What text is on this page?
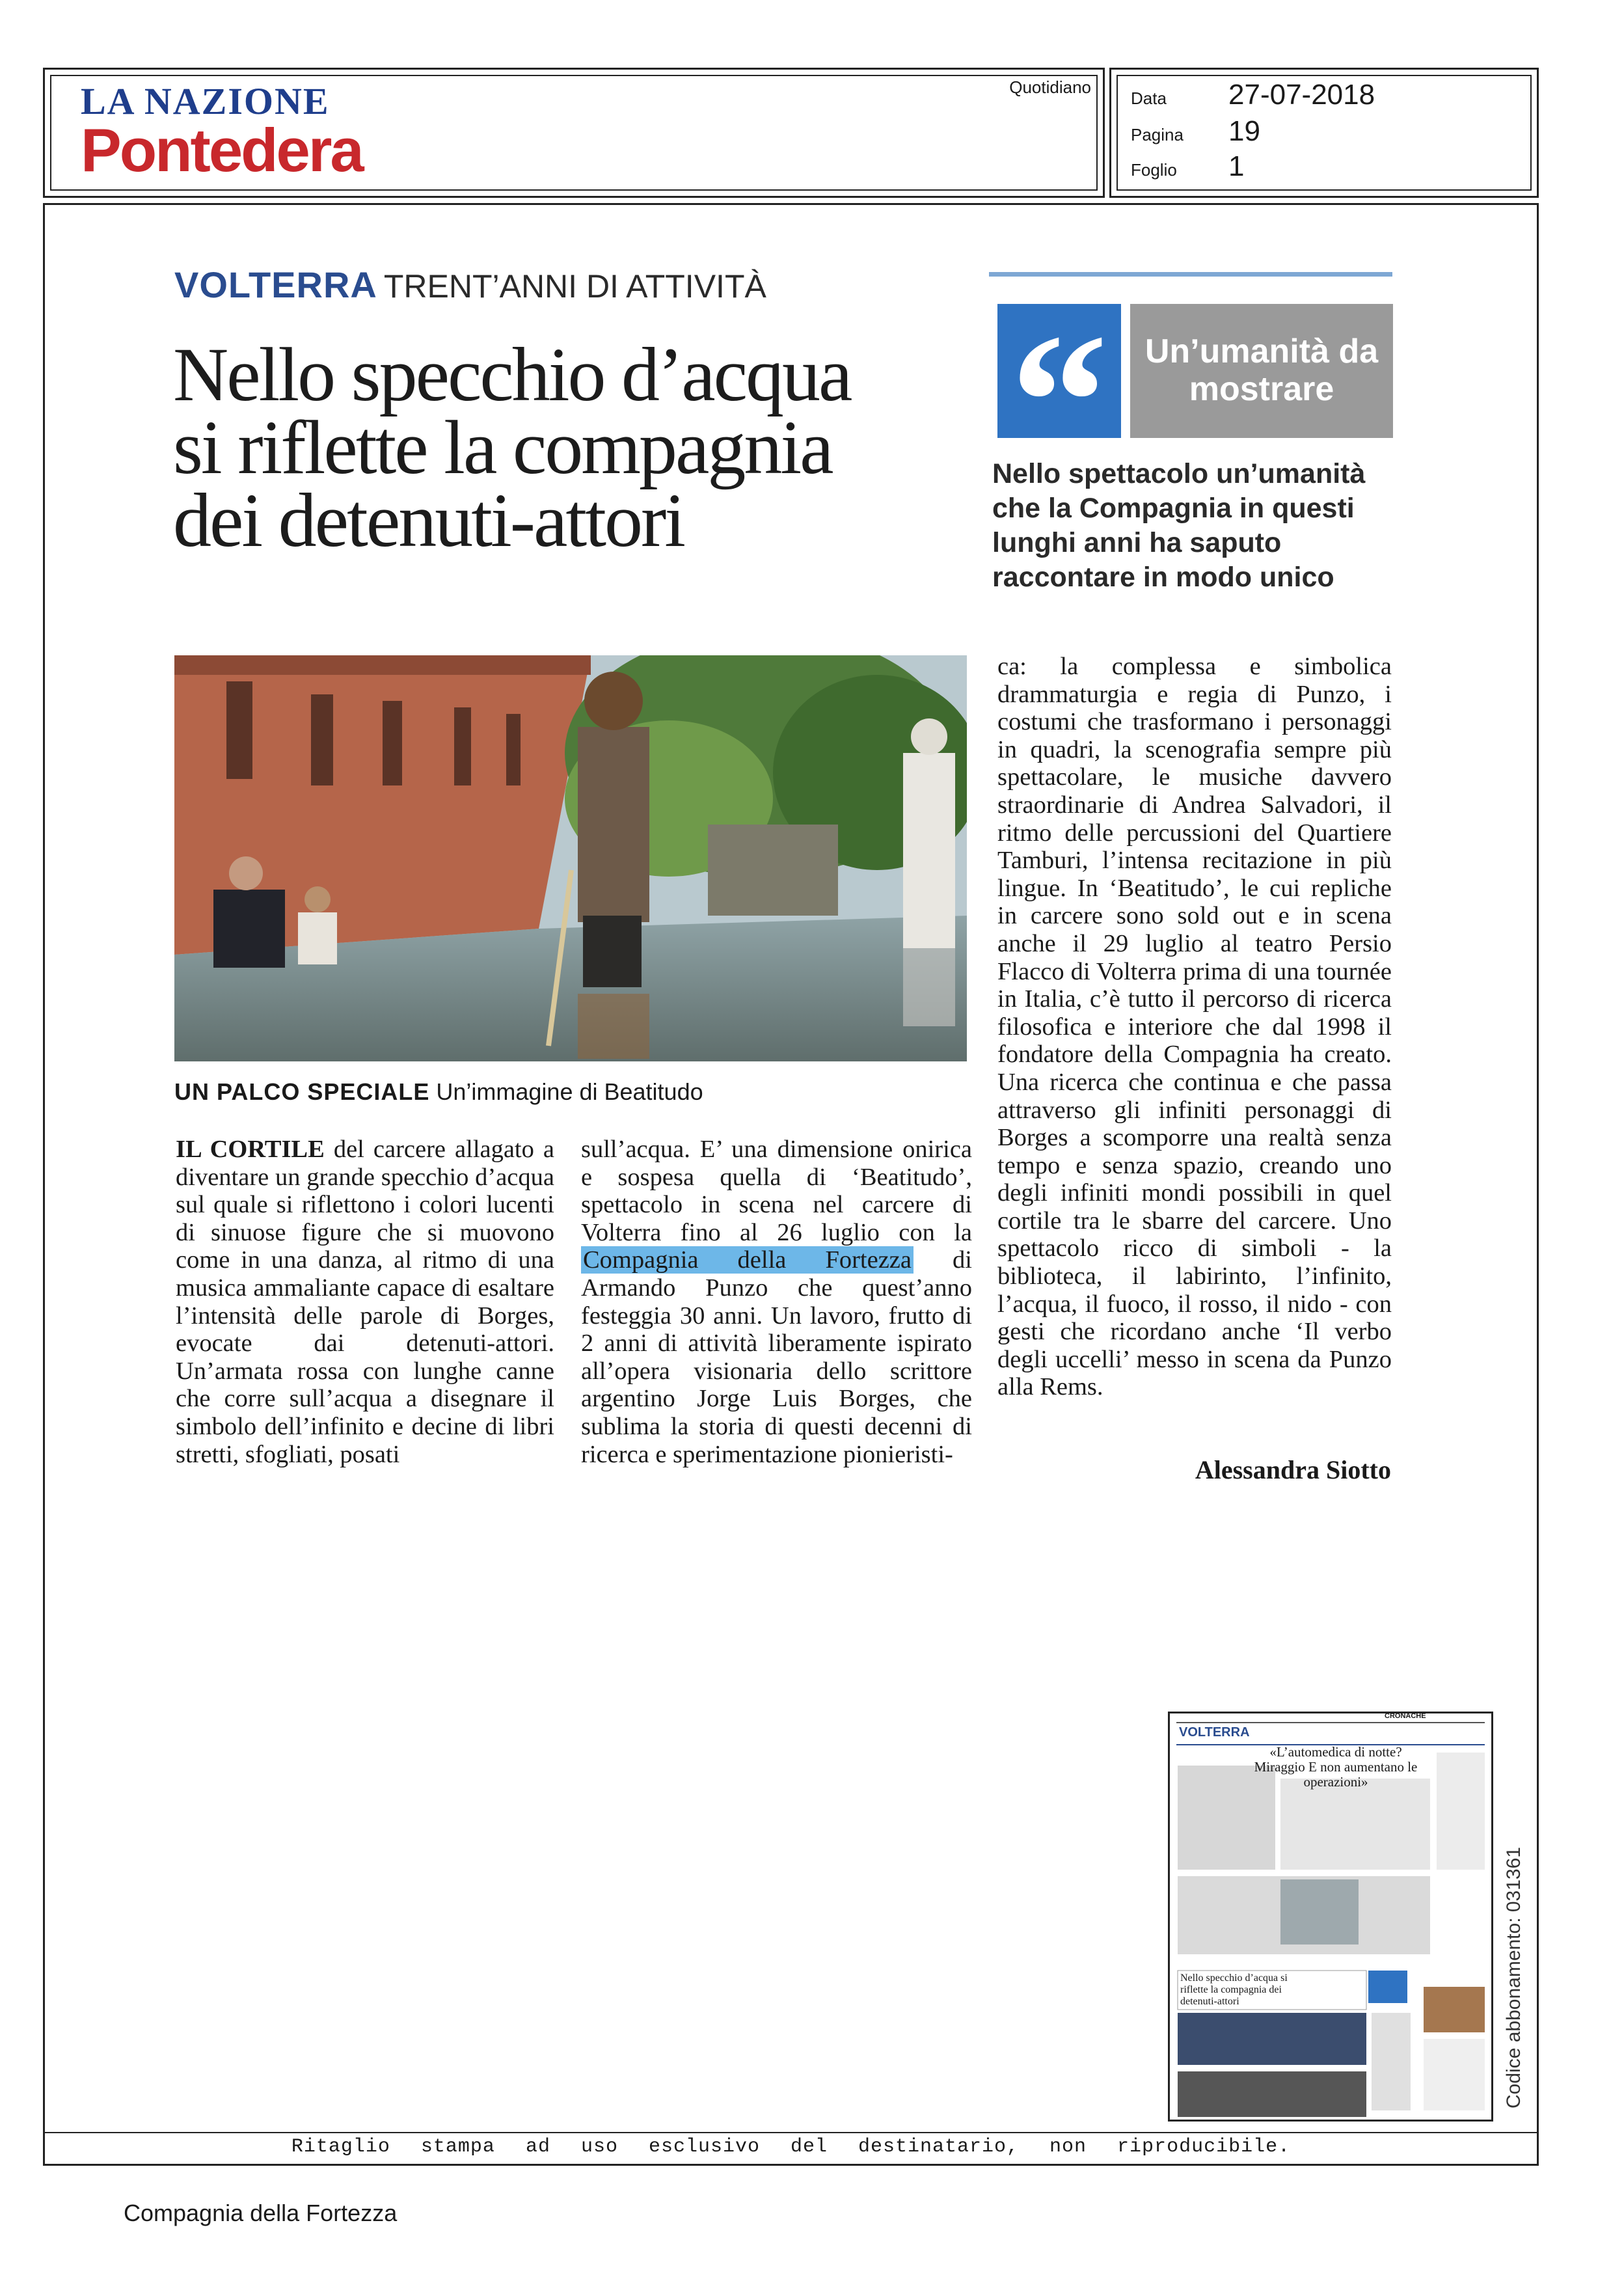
LA NAZIONE
Pontedera
Quotidiano
Data 27-07-2018
Pagina 19
Foglio 1
VOLTERRA TRENT’ANNI DI ATTIVITÀ
Nello specchio d’acqua
si riflette la compagnia
dei detenuti-attori
UN PALCO SPECIALE Un’immagine di Beatitudo

IL CORTILE del carcere allagato a diventare un grande specchio d’acqua sul quale si riflettono i colori lucenti di sinuose figure che si muovono come in una danza, al ritmo di una musica ammaliante capace di esaltare l’intensità delle parole di Borges, evocate dai detenuti-attori. Un’armata rossa con lunghe canne che corre sull’acqua a disegnare il simbolo dell’infinito e decine di libri stretti, sfogliati, posati

sull’acqua. E’ una dimensione onirica e sospesa quella di ‘Beatitudo’, spettacolo in scena nel carcere di Volterra fino al 26 luglio con la Compagnia della Fortezza di Armando Punzo che quest’anno festeggia 30 anni. Un lavoro, frutto di 2 anni di attività liberamente ispirato all’opera visionaria dello scrittore argentino Jorge Luis Borges, che sublima la storia di questi decenni di ricerca e sperimentazione pionieristi-

ca: la complessa e simbolica drammaturgia e regia di Punzo, i costumi che trasformano i personaggi in quadri, la scenografia sempre più spettacolare, le musiche davvero straordinarie di Andrea Salvadori, il ritmo delle percussioni del Quartiere Tamburi, l’intensa recitazione in più lingue. In ‘Beatitudo’, le cui repliche in carcere sono sold out e in scena anche il 29 luglio al teatro Persio Flacco di Volterra prima di una tournée in Italia, c’è tutto il percorso di ricerca filosofica e interiore che dal 1998 il fondatore della Compagnia ha creato. Una ricerca che continua e che passa attraverso gli infiniti personaggi di Borges a scomporre una realtà senza tempo e senza spazio, creando uno degli infiniti mondi possibili in quel cortile tra le sbarre del carcere. Uno spettacolo ricco di simboli - la biblioteca, il labirinto, l’infinito, l’acqua, il fuoco, il rosso, il nido - con gesti che ricordano anche ‘Il verbo degli uccelli’ messo in scena da Punzo alla Rems.

Alessandra Siotto
“	Un’umanità da mostrare
Nello spettacolo un’umanità che la Compagnia in questi lunghi anni ha saputo raccontare in modo unico
VOLTERRA
CRONACHE
«L’automedica di notte? Miraggio E non aumentano le operazioni»
Nello specchio d’acqua si riflette la compagnia dei detenuti-attori	Codice abbonamento: 031361
Ritaglio stampa ad uso esclusivo del destinatario, non riproducibile.
Compagnia della Fortezza
